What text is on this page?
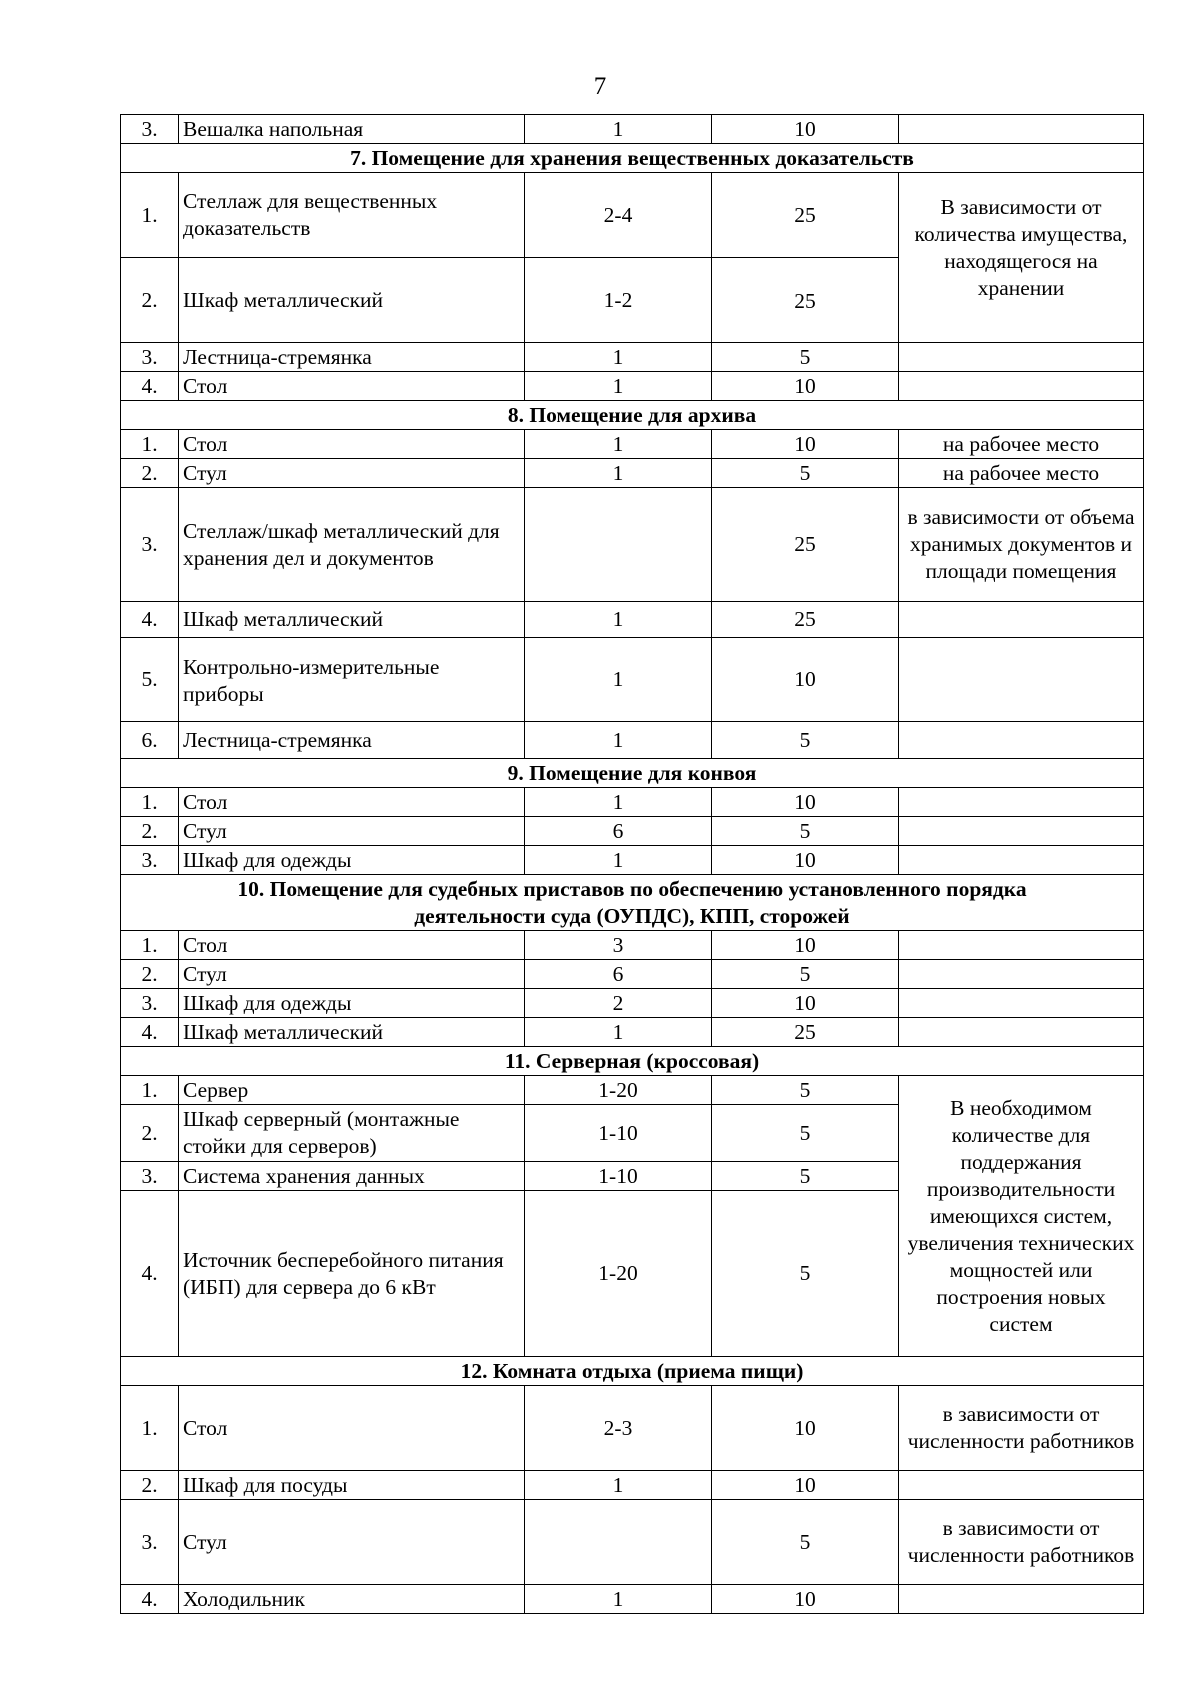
7
3.	Вешалка напольная	1	10	
7. Помещение для хранения вещественных доказательств				
1.	Стеллаж для вещественных доказательств	2-4	25	В зависимости от количества имущества, находящегося на хранении
2.	Шкаф металлический	1-2	25	
3.	Лестница-стремянка	1	5	
4.	Стол	1	10	
8. Помещение для архива				
1.	Стол	1	10	на рабочее место
2.	Стул	1	5	на рабочее место
3.	Стеллаж/шкаф металлический для хранения дел и документов		25	в зависимости от объема хранимых документов и площади помещения
4.	Шкаф металлический	1	25	
5.	Контрольно-измерительные приборы	1	10	
6.	Лестница-стремянка	1	5	
9. Помещение для конвоя				
1.	Стол	1	10	
2.	Стул	6	5	
3.	Шкаф для одежды	1	10	

10. Помещение для судебных приставов по обеспечению установленного порядка
деятельности суда (ОУПДС), КПП, сторожей				

1.	Стол	3	10	
2.	Стул	6	5	
3.	Шкаф для одежды	2	10	
4.	Шкаф металлический	1	25	
11. Серверная (кроссовая)				
1.	Сервер	1-20	5	В необходимом количестве для поддержания производительности имеющихся систем, увеличения технических мощностей или построения новых систем
2.	Шкаф серверный (монтажные стойки для серверов)	1-10	5	
3.	Система хранения данных	1-10	5	
4.	Источник бесперебойного питания (ИБП) для сервера до 6 кВт	1-20	5	
12. Комната отдыха (приема пищи)				
1.	Стол	2-3	10	в зависимости от численности работников
2.	Шкаф для посуды	1	10	
3.	Стул		5	в зависимости от численности работников
4.	Холодильник	1	10	
